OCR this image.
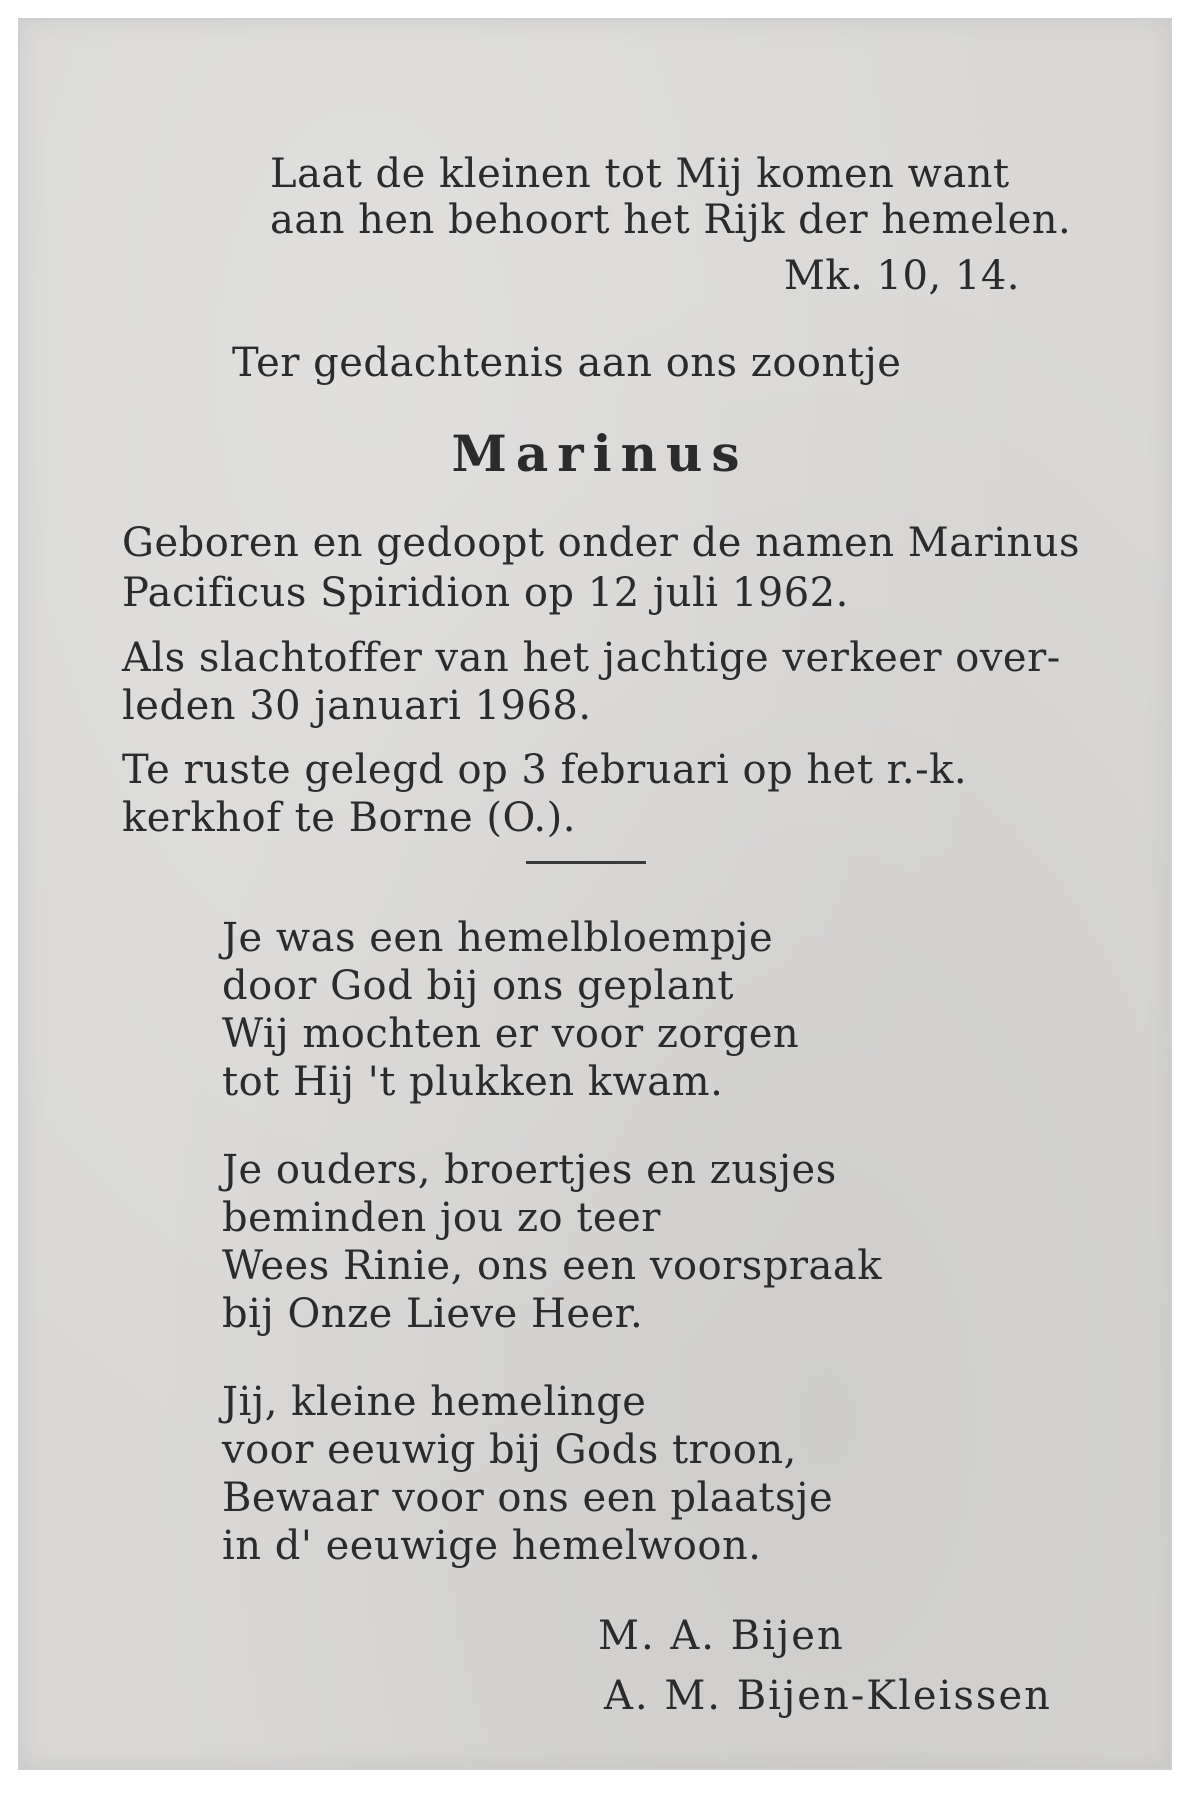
Laat de kleinen tot Mij komen want
aan hen behoort het Rijk der hemelen.
Mk. 10, 14.
Ter gedachtenis aan ons zoontje
Marinus
Geboren en gedoopt onder de namen Marinus
Pacificus Spiridion op 12 juli 1962.
Als slachtoffer van het jachtige verkeer over-
leden 30 januari 1968.
Te ruste gelegd op 3 februari op het r.-k.
kerkhof te Borne (O.).
Je was een hemelbloempje
door God bij ons geplant
Wij mochten er voor zorgen
tot Hij 't plukken kwam.
Je ouders, broertjes en zusjes
beminden jou zo teer
Wees Rinie, ons een voorspraak
bij Onze Lieve Heer.
Jij, kleine hemelinge
voor eeuwig bij Gods troon,
Bewaar voor ons een plaatsje
in d' eeuwige hemelwoon.
M. A. Bijen
A. M. Bijen-Kleissen
